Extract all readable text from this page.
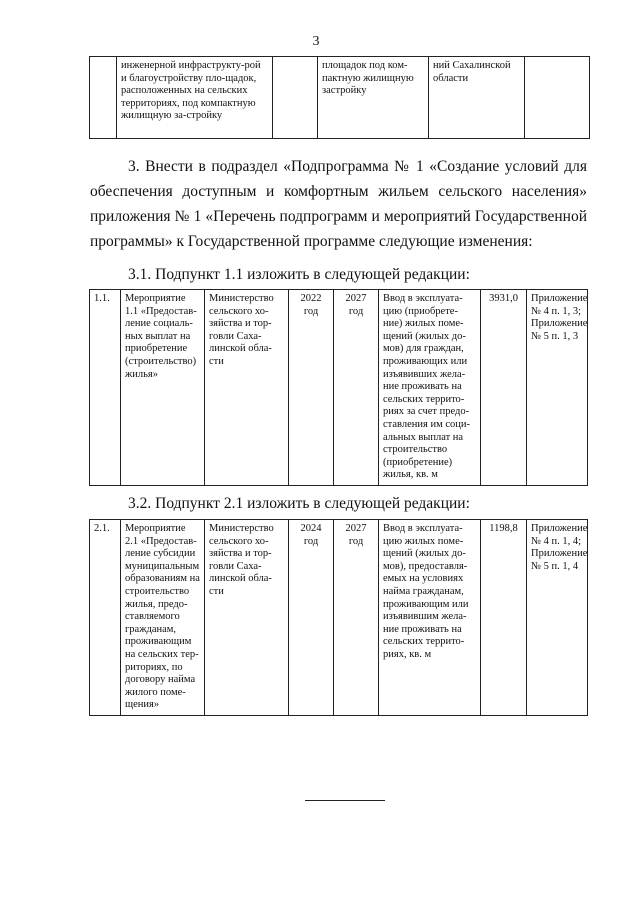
3
	инженерной инфраструкту-рой и благоустройству пло-щадок, расположенных на сельских территориях, под компактную жилищную за-стройку		площадок под ком-пактную жилищную застройку	ний Сахалинской области	
3. Внести в подраздел «Подпрограмма № 1 «Создание условий для обеспечения доступным и комфортным жильем сельского населения» приложения № 1 «Перечень подпрограмм и мероприятий Государственной программы» к Государственной программе следующие изменения:
3.1. Подпункт 1.1 изложить в следующей редакции:
1.1.	Мероприятие 1.1 «Предостав-ление социаль-ных выплат на приобретение (строительство) жилья»	Министерство сельского хо-зяйства и тор-говли Саха-линской обла-сти	2022 год	2027 год	Ввод в эксплуата-цию (приобрете-ние) жилых поме-щений (жилых до-мов) для граждан, проживающих или изъявивших жела-ние проживать на сельских террито-риях за счет предо-ставления им соци-альных выплат на строительство (приобретение) жилья, кв. м	3931,0	Приложение № 4 п. 1, 3; Приложение № 5 п. 1, 3
3.2. Подпункт 2.1 изложить в следующей редакции:
2.1.	Мероприятие 2.1 «Предостав-ление субсидии муниципальным образованиям на строительство жилья, предо-ставляемого гражданам, проживающим на сельских тер-риториях, по договору найма жилого поме-щения»	Министерство сельского хо-зяйства и тор-говли Саха-линской обла-сти	2024 год	2027 год	Ввод в эксплуата-цию жилых поме-щений (жилых до-мов), предоставля-емых на условиях найма гражданам, проживающим или изъявившим жела-ние проживать на сельских террито-риях, кв. м	1198,8	Приложение № 4 п. 1, 4; Приложение № 5 п. 1, 4
